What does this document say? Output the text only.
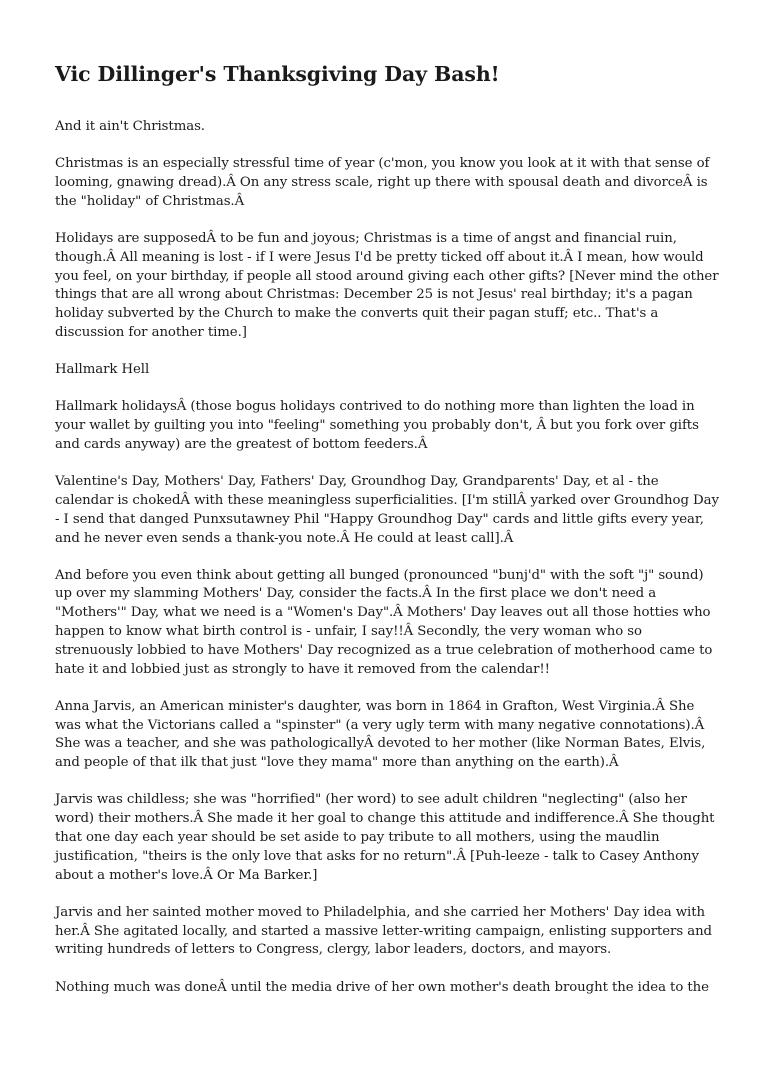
Vic Dillinger's Thanksgiving Day Bash!

And it ain't Christmas.

Christmas is an especially stressful time of year (c'mon, you know you look at it with that sense of looming, gnawing dread).Â On any stress scale, right up there with spousal death and divorceÂ is the "holiday" of Christmas.Â

Holidays are supposedÂ to be fun and joyous; Christmas is a time of angst and financial ruin, though.Â All meaning is lost - if I were Jesus I'd be pretty ticked off about it.Â I mean, how would you feel, on your birthday, if people all stood around giving each other gifts? [Never mind the other things that are all wrong about Christmas: December 25 is not Jesus' real birthday; it's a pagan holiday subverted by the Church to make the converts quit their pagan stuff; etc.. That's a discussion for another time.]

Hallmark Hell

Hallmark holidaysÂ (those bogus holidays contrived to do nothing more than lighten the load in your wallet by guilting you into "feeling" something you probably don't, Â but you fork over gifts and cards anyway) are the greatest of bottom feeders.Â

Valentine's Day, Mothers' Day, Fathers' Day, Groundhog Day, Grandparents' Day, et al - the calendar is chokedÂ with these meaningless superficialities. [I'm stillÂ yarked over Groundhog Day - I send that danged Punxsutawney Phil "Happy Groundhog Day" cards and little gifts every year, and he never even sends a thank-you note.Â He could at least call].Â

And before you even think about getting all bunged (pronounced "bunj'd" with the soft "j" sound) up over my slamming Mothers' Day, consider the facts.Â In the first place we don't need a "Mothers'" Day, what we need is a "Women's Day".Â Mothers' Day leaves out all those hotties who happen to know what birth control is - unfair, I say!!Â Secondly, the very woman who so strenuously lobbied to have Mothers' Day recognized as a true celebration of motherhood came to hate it and lobbied just as strongly to have it removed from the calendar!!

Anna Jarvis, an American minister's daughter, was born in 1864 in Grafton, West Virginia.Â She was what the Victorians called a "spinster" (a very ugly term with many negative connotations).Â She was a teacher, and she was pathologicallyÂ devoted to her mother (like Norman Bates, Elvis, and people of that ilk that just "love they mama" more than anything on the earth).Â

Jarvis was childless; she was "horrified" (her word) to see adult children "neglecting" (also her word) their mothers.Â She made it her goal to change this attitude and indifference.Â She thought that one day each year should be set aside to pay tribute to all mothers, using the maudlin justification, "theirs is the only love that asks for no return".Â [Puh-leeze - talk to Casey Anthony about a mother's love.Â Or Ma Barker.]

Jarvis and her sainted mother moved to Philadelphia, and she carried her Mothers' Day idea with her.Â She agitated locally, and started a massive letter-writing campaign, enlisting supporters and writing hundreds of letters to Congress, clergy, labor leaders, doctors, and mayors.

Nothing much was doneÂ until the media drive of her own mother's death brought the idea to the
